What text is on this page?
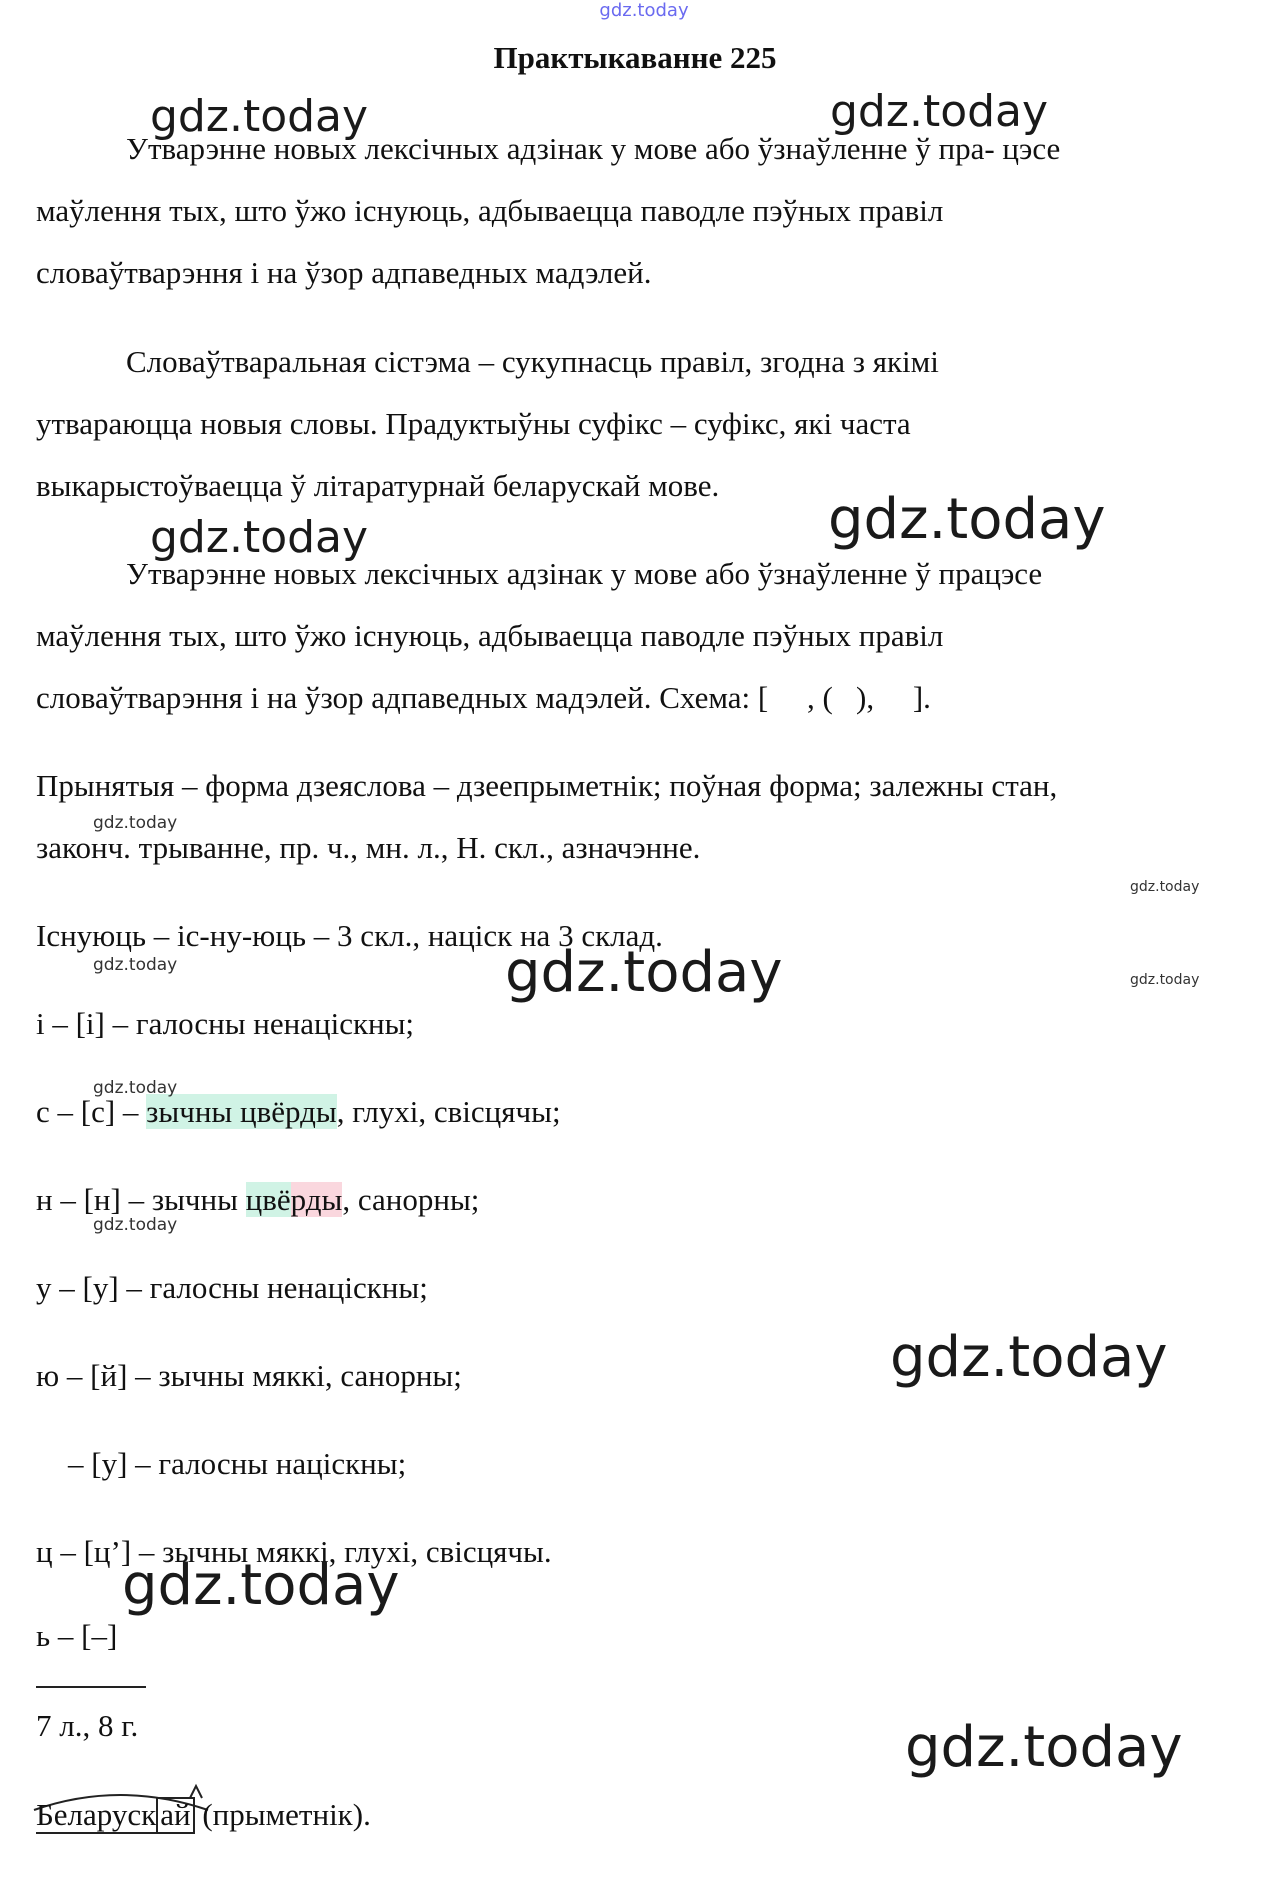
gdz.today
Практыкаванне 225
Утварэнне новых лексічных адзінак у мове або ўзнаўленне ў пра- цэсе
маўлення тых, што ўжо існуюць, адбываецца паводле пэўных правіл
словаўтварэння і на ўзор адпаведных мадэлей.
Словаўтваральная сістэма – сукупнасць правіл, згодна з якімі
утвараюцца новыя словы. Прадуктыўны суфікс – суфікс, які часта
выкарыстоўваецца ў літаратурнай беларускай мове.
Утварэнне новых лексічных адзінак у мове або ўзнаўленне ў працэсе
маўлення тых, што ўжо існуюць, адбываецца паводле пэўных правіл
словаўтварэння і на ўзор адпаведных мадэлей. Схема: [     , (   ),     ].
Прынятыя – форма дзеяслова – дзеепрыметнік; поўная форма; залежны стан,
законч. трыванне, пр. ч., мн. л., Н. скл., азначэнне.
Існуюць – іс-ну-юць – 3 скл., націск на 3 склад.
і – [і] – галосны ненаціскны;
с – [с] – зычны цвёрды, глухі, свісцячы;
н – [н] – зычны цвёрды, санорны;
у – [у] – галосны ненаціскны;
ю – [й] – зычны мяккі, санорны;
– [у] – галосны націскны;
ц – [ц’] – зычны мяккі, глухі, свісцячы.
ь – [–]
7 л., 8 г.
Беларуск ай (прыметнік).
gdz.today	gdz.today
gdz.today	gdz.today
gdz.today
gdz.today
gdz.today
gdz.today
gdz.today
gdz.today
gdz.today
gdz.today
gdz.today
gdz.today
